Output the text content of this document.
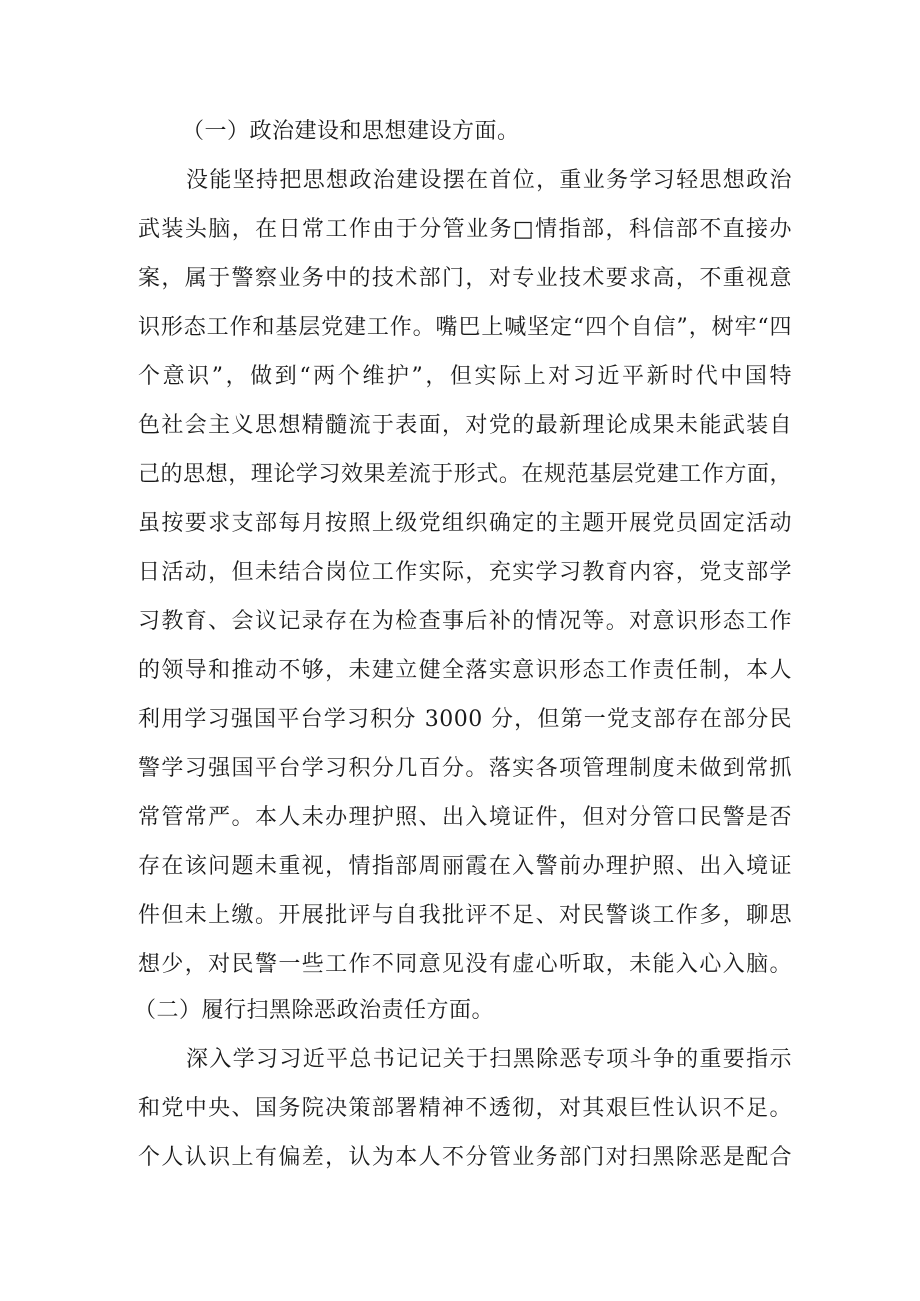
（一）政治建设和思想建设方面。
没能坚持把思想政治建设摆在首位，重业务学习轻思想政治
武装头脑，在日常工作由于分管业务□情指部，科信部不直接办
案，属于警察业务中的技术部门，对专业技术要求高，不重视意
识形态工作和基层党建工作。嘴巴上喊坚定“四个自信”，树牢“四
个意识”，做到“两个维护”，但实际上对习近平新时代中国特
色社会主义思想精髓流于表面，对党的最新理论成果未能武装自
己的思想，理论学习效果差流于形式。在规范基层党建工作方面，
虽按要求支部每月按照上级党组织确定的主题开展党员固定活动
日活动，但未结合岗位工作实际，充实学习教育内容，党支部学
习教育、会议记录存在为检查事后补的情况等。对意识形态工作
的领导和推动不够，未建立健全落实意识形态工作责任制，本人
利用学习强国平台学习积分 3000 分，但第一党支部存在部分民
警学习强国平台学习积分几百分。落实各项管理制度未做到常抓
常管常严。本人未办理护照、出入境证件，但对分管口民警是否
存在该问题未重视，情指部周丽霞在入警前办理护照、出入境证
件但未上缴。开展批评与自我批评不足、对民警谈工作多，聊思
想少，对民警一些工作不同意见没有虚心听取，未能入心入脑。
（二）履行扫黑除恶政治责任方面。
深入学习习近平总书记记关于扫黑除恶专项斗争的重要指示
和党中央、国务院决策部署精神不透彻，对其艰巨性认识不足。
个人认识上有偏差，认为本人不分管业务部门对扫黑除恶是配合
